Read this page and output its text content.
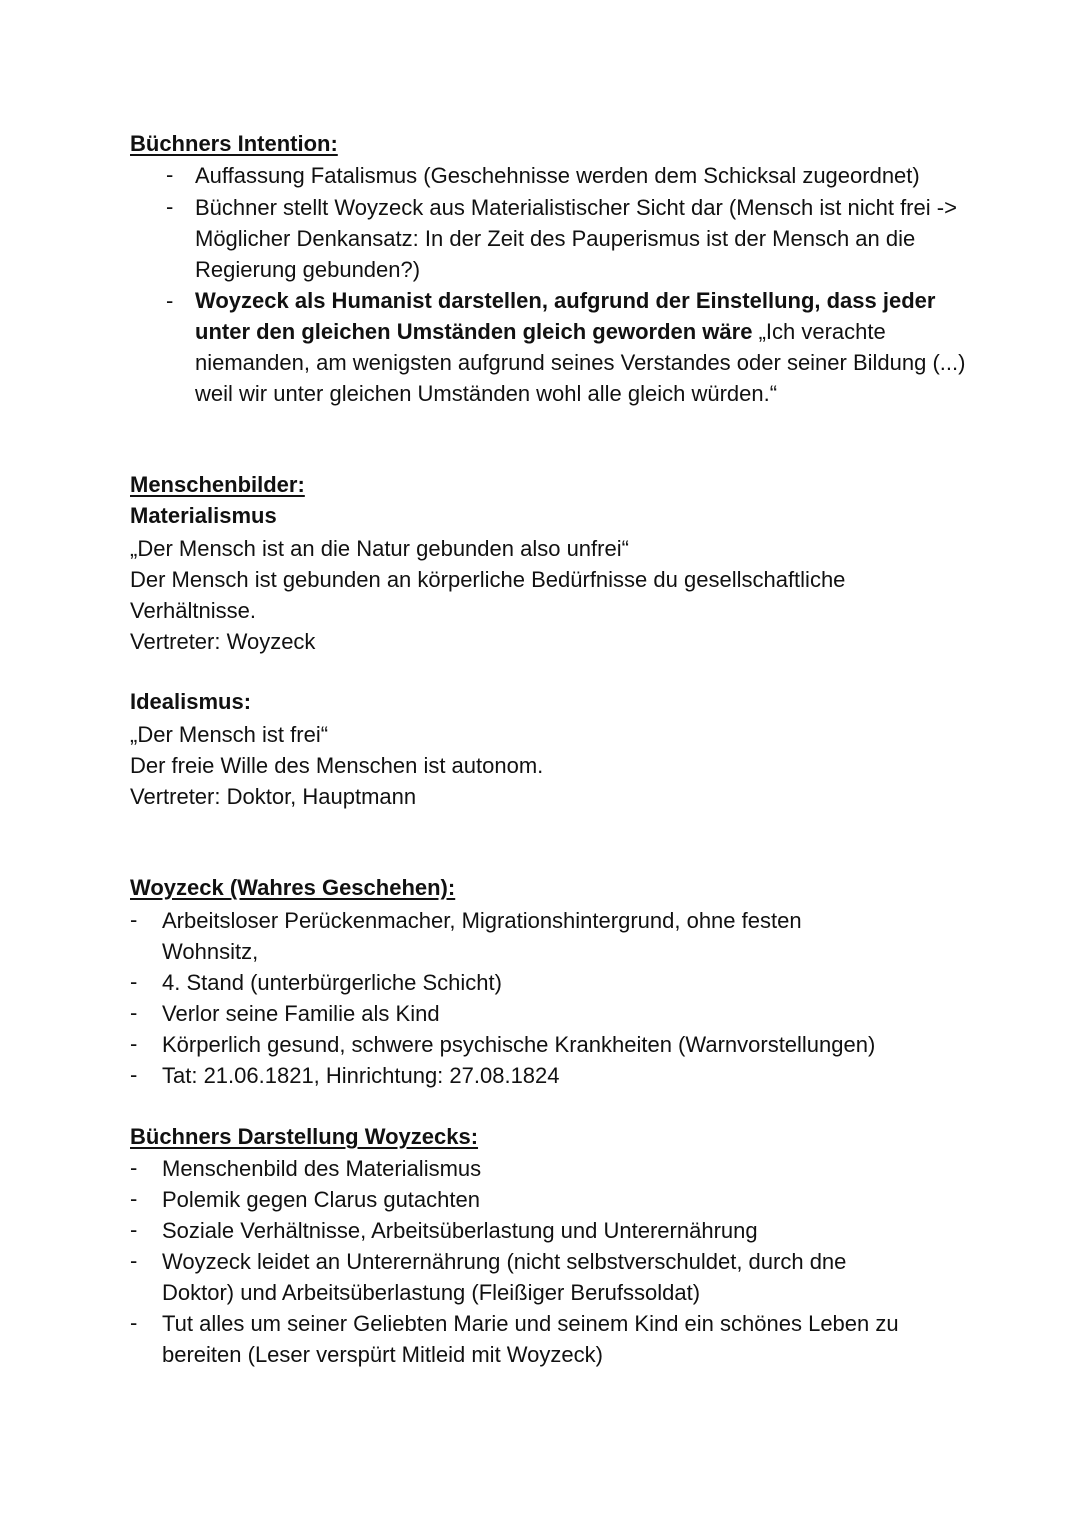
Büchners Intention:
- Auffassung Fatalismus (Geschehnisse werden dem Schicksal zugeordnet)
- Büchner stellt Woyzeck aus Materialistischer Sicht dar (Mensch ist nicht frei -> Möglicher Denkansatz: In der Zeit des Pauperismus ist der Mensch an die Regierung gebunden?)
- Woyzeck als Humanist darstellen, aufgrund der Einstellung, dass jeder unter den gleichen Umständen gleich geworden wäre „Ich verachte niemanden, am wenigsten aufgrund seines Verstandes oder seiner Bildung (...) weil wir unter gleichen Umständen wohl alle gleich würden.“
Menschenbilder:
Materialismus
„Der Mensch ist an die Natur gebunden also unfrei“
Der Mensch ist gebunden an körperliche Bedürfnisse du gesellschaftliche
Verhältnisse.
Vertreter: Woyzeck
Idealismus:
„Der Mensch ist frei“
Der freie Wille des Menschen ist autonom.
Vertreter: Doktor, Hauptmann
Woyzeck (Wahres Geschehen):
- Arbeitsloser Perückenmacher, Migrationshintergrund, ohne festen Wohnsitz,
- 4. Stand (unterbürgerliche Schicht)
- Verlor seine Familie als Kind
- Körperlich gesund, schwere psychische Krankheiten (Warnvorstellungen)
- Tat: 21.06.1821, Hinrichtung: 27.08.1824
Büchners Darstellung Woyzecks:
- Menschenbild des Materialismus
- Polemik gegen Clarus gutachten
- Soziale Verhältnisse, Arbeitsüberlastung und Unterernährung
- Woyzeck leidet an Unterernährung (nicht selbstverschuldet, durch dne Doktor) und Arbeitsüberlastung (Fleißiger Berufssoldat)
- Tut alles um seiner Geliebten Marie und seinem Kind ein schönes Leben zu bereiten (Leser verspürt Mitleid mit Woyzeck)
